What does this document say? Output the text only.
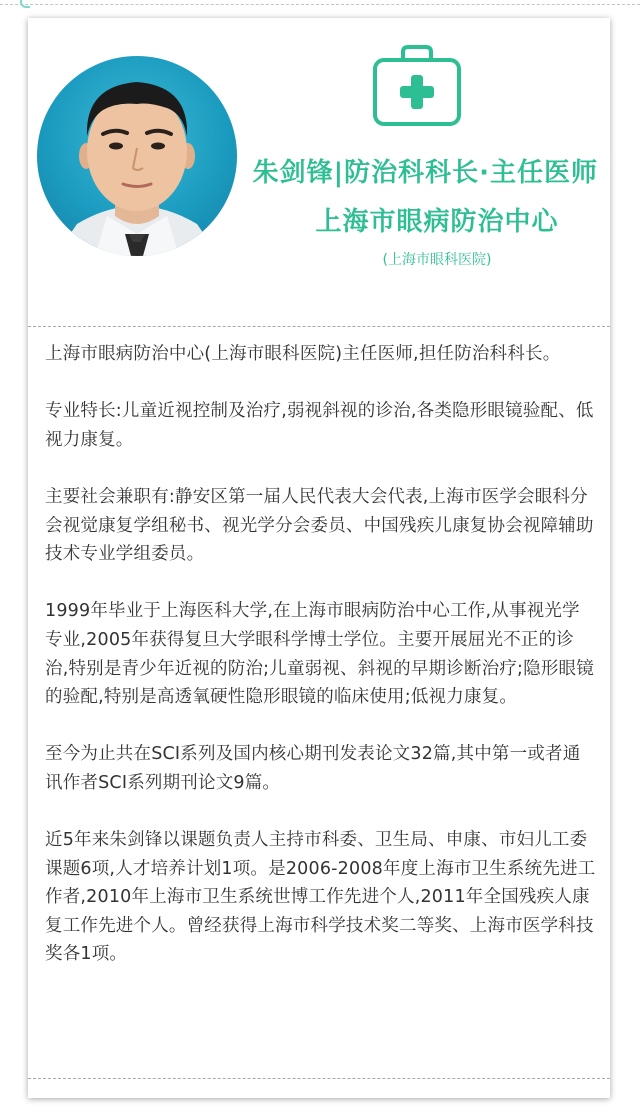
朱剑锋|防治科科长·主任医师
上海市眼病防治中心
(上海市眼科医院)

上海市眼病防治中心(上海市眼科医院)主任医师,担任防治科科长。

专业特长:儿童近视控制及治疗,弱视斜视的诊治,各类隐形眼镜验配、低视力康复。

主要社会兼职有:静安区第一届人民代表大会代表,上海市医学会眼科分会视觉康复学组秘书、视光学分会委员、中国残疾儿康复协会视障辅助技术专业学组委员。

1999年毕业于上海医科大学,在上海市眼病防治中心工作,从事视光学专业,2005年获得复旦大学眼科学博士学位。主要开展屈光不正的诊治,特别是青少年近视的防治;儿童弱视、斜视的早期诊断治疗;隐形眼镜的验配,特别是高透氧硬性隐形眼镜的临床使用;低视力康复。

至今为止共在SCI系列及国内核心期刊发表论文32篇,其中第一或者通讯作者SCI系列期刊论文9篇。

近5年来朱剑锋以课题负责人主持市科委、卫生局、申康、市妇儿工委课题6项,人才培养计划1项。是2006-2008年度上海市卫生系统先进工作者,2010年上海市卫生系统世博工作先进个人,2011年全国残疾人康复工作先进个人。曾经获得上海市科学技术奖二等奖、上海市医学科技奖各1项。
